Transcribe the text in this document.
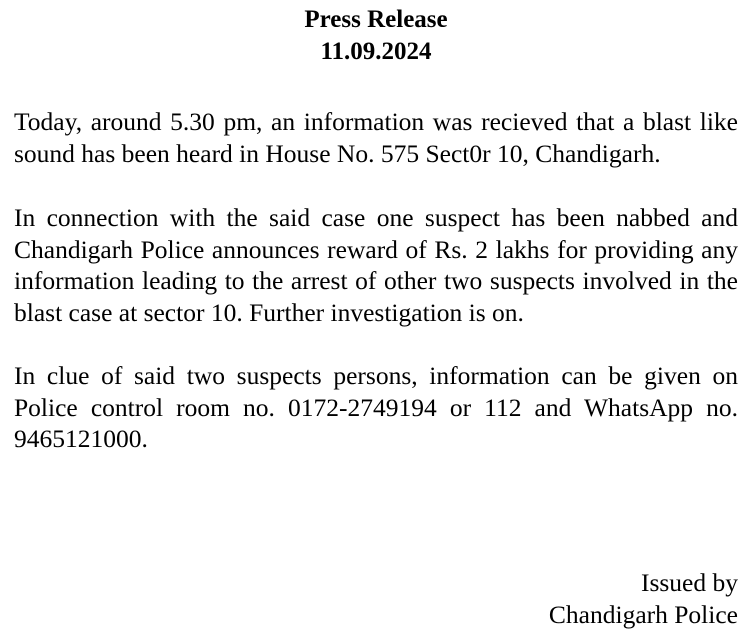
Press Release
11.09.2024

Today, around 5.30 pm, an information was recieved that a blast like sound has been heard in House No. 575 Sect0r 10, Chandigarh.

In connection with the said case one suspect has been nabbed and Chandigarh Police announces reward of Rs. 2 lakhs for providing any information leading to the arrest of other two suspects involved in the blast case at sector 10. Further investigation is on.

In clue of said two suspects persons, information can be given on Police control room no. 0172-2749194 or 112 and WhatsApp no. 9465121000.

Issued by
Chandigarh Police
